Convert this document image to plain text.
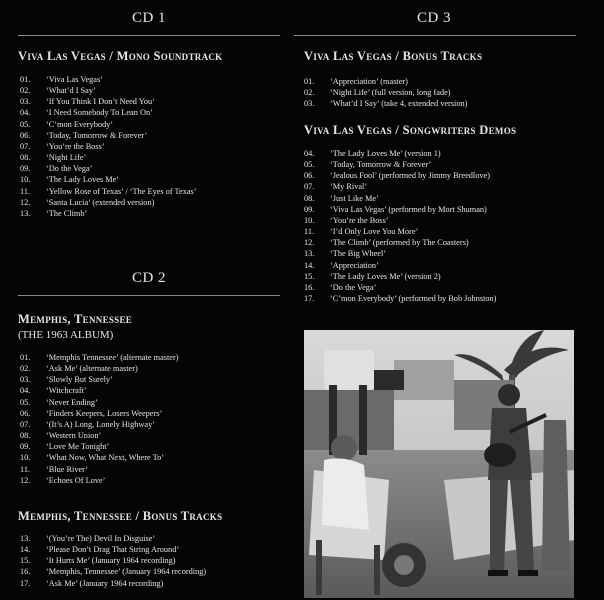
CD 1
Viva Las Vegas / Mono Soundtrack
01.	‘Viva Las Vegas’
02.	‘What’d I Say’
03.	‘If You Think I Don’t Need You’
04.	‘I Need Somebody To Lean On’
05.	‘C’mon Everybody’
06.	‘Today, Tomorrow & Forever’
07.	‘You’re the Boss’
08.	‘Night Life’
09.	‘Do the Vega’
10.	‘The Lady Loves Me’
11.	‘Yellow Rose of Texas’ / ‘The Eyes of Texas’
12.	‘Santa Lucia’ (extended version)
13.	‘The Climb’
CD 2
Memphis, Tennessee
(THE 1963 ALBUM)
01.	‘Memphis Tennessee’ (alternate master)
02.	‘Ask Me’ (alternate master)
03.	‘Slowly But Surely’
04.	‘Witchcraft’
05.	‘Never Ending’
06.	‘Finders Keepers, Losers Weepers’
07.	‘(It’s A) Long, Lonely Highway’
08.	‘Western Union’
09.	‘Love Me Tonight’
10.	‘What Now, What Next, Where To’
11.	‘Blue River’
12.	‘Echoes Of Love’
Memphis, Tennessee / Bonus Tracks
13.	‘(You’re The) Devil In Disguise’
14.	‘Please Don’t Drag That String Around’
15.	‘It Hurts Me’ (January 1964 recording)
16.	‘Memphis, Tennessee’ (January 1964 recording)
17.	‘Ask Me’ (January 1964 recording)
CD 3
Viva Las Vegas / Bonus Tracks
01.	‘Appreciation’ (master)
02.	‘Night Life’ (full version, long fade)
03.	‘What’d I Say’ (take 4, extended version)
Viva Las Vegas / Songwriters Demos
04.	‘The Lady Loves Me’ (version 1)
05.	‘Today, Tomorrow & Forever’
06.	‘Jealous Fool’ (performed by Jimmy Breedlove)
07.	‘My Rival’
08.	‘Just Like Me’
09.	‘Viva Las Vegas’ (performed by Mort Shuman)
10.	‘You’re the Boss’
11.	‘I’d Only Love You More’
12.	‘The Climb’ (performed by The Coasters)
13.	‘The Big Wheel’
14.	‘Appreciation’
15.	‘The Lady Loves Me’ (version 2)
16.	‘Do the Vega’
17.	‘C’mon Everybody’ (performed by Bob Johnston)
